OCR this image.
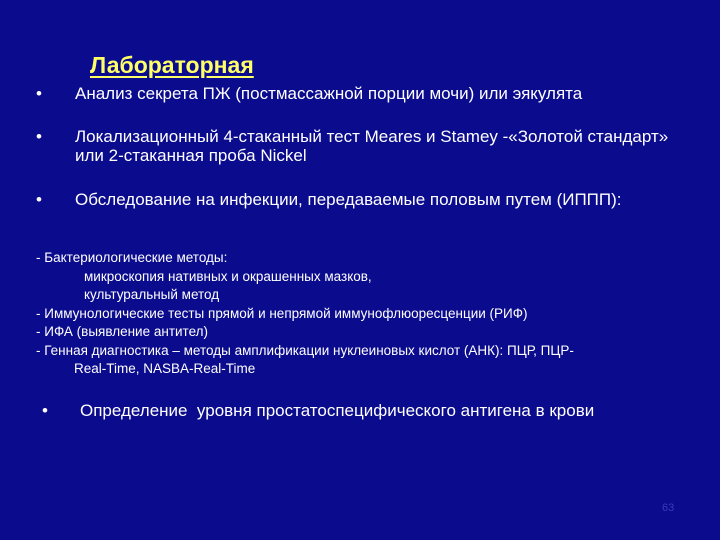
Лабораторная
• Анализ секрета ПЖ (постмассажной порции мочи) или эякулята
• Локализационный 4-стаканный тест Meares и Stamey -«Золотой стандарт» или 2-стаканная проба Nickel
• Обследование на инфекции, передаваемые половым путем (ИППП):
- Бактериологические методы:
микроскопия нативных и окрашенных мазков,
культуральный метод
- Иммунологические тесты прямой и непрямой иммунофлюоресценции (РИФ)
- ИФА (выявление антител)
- Генная диагностика – методы амплификации нуклеиновых кислот (АНК): ПЦР, ПЦР-
Real-Time, NASBA-Real-Time
• Определение  уровня простатоспецифического антигена в крови
63
